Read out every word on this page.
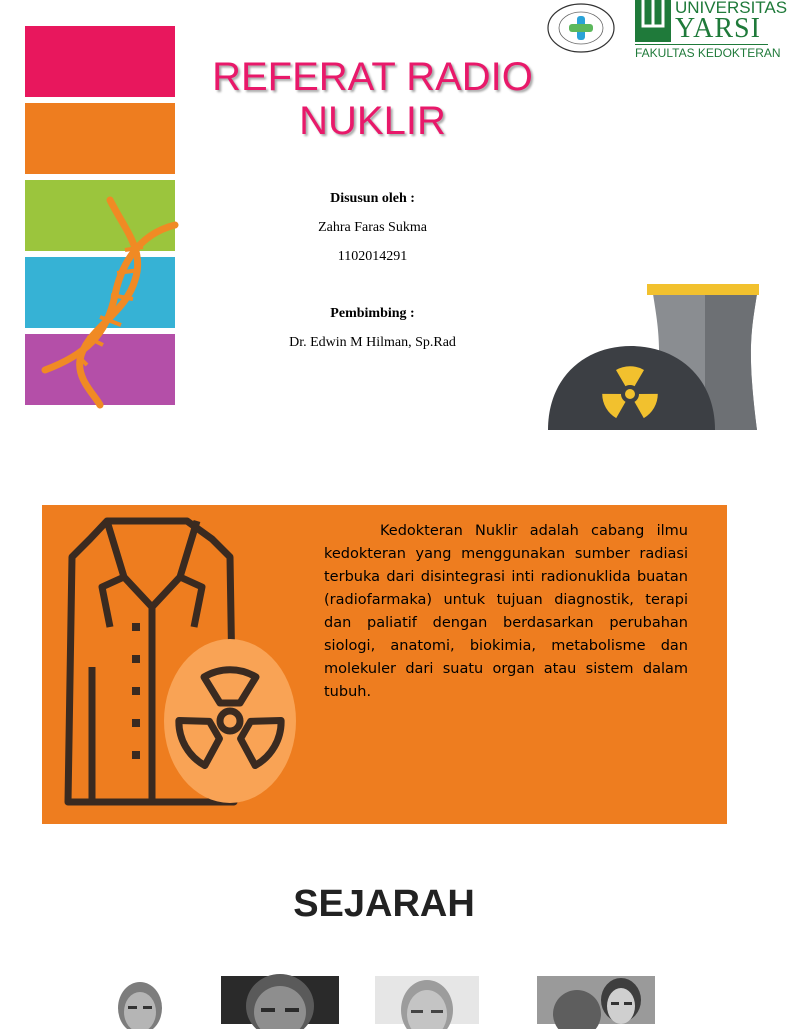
REFERAT RADIO NUKLIR
Disusun oleh :
Zahra Faras Sukma
1102014291
Pembimbing :
Dr. Edwin M Hilman, Sp.Rad
UNIVERSITAS
YARSI
FAKULTAS KEDOKTERAN
Kedokteran Nuklir adalah cabang ilmu kedokteran yang menggunakan sumber radiasi terbuka dari disintegrasi inti radionuklida buatan (radiofarmaka) untuk tujuan diagnostik, terapi dan paliatif dengan berdasarkan perubahan siologi, anatomi, biokimia, metabolisme dan molekuler dari suatu organ atau sistem dalam tubuh.
SEJARAH
